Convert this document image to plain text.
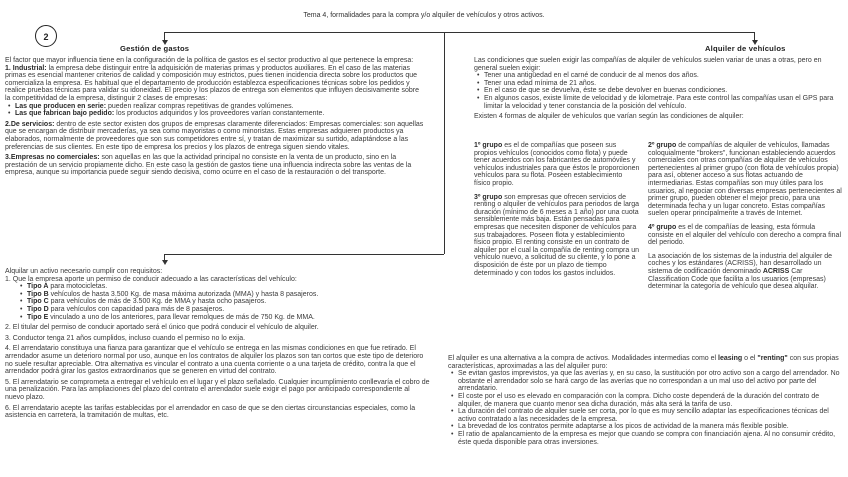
Tema 4, formalidades para la compra y/o alquiler de vehículos y otros activos.
2
Gestión de gastos
El factor que mayor influencia tiene en la configuración de la política de gastos es el sector productivo al que pertenece la empresa:
1. Industrial: la empresa debe distinguir entre la adquisición de materias primas y productos auxiliares. En el caso de las materias primas es esencial mantener criterios de calidad y composición muy estrictos, pues tienen incidencia directa sobre los productos que comercializa la empresa. Es habitual que el departamento de producción establezca especificaciones técnicas sobre los pedidos y realice pruebas técnicas para validar su idoneidad. El precio y los plazos de entrega son elementos que influyen decisivamente sobre la competitividad de la empresa, distinguir 2 clases de empresas:
• Las que producen en serie: pueden realizar compras repetitivas de grandes volúmenes.
• Las que fabrican bajo pedido: los productos adquiridos y los proveedores varían constantemente.
2.De servicios: dentro de este sector existen dos grupos de empresas claramente diferenciados: Empresas comerciales: son aquellas que se encargan de distribuir mercaderías, ya sea como mayoristas o como minoristas. Estas empresas adquieren productos ya elaborados, normalmente de proveedores que son sus competidores entre sí, y tratan de maximizar su surtido, adaptándose a las preferencias de sus clientes. En este tipo de empresa los precios y los plazos de entrega siguen siendo vitales.
3.Empresas no comerciales: son aquellas en las que la actividad principal no consiste en la venta de un producto, sino en la prestación de un servicio propiamente dicho. En este caso la gestión de gastos tiene una influencia indirecta sobre las ventas de la empresa, aunque su importancia puede seguir siendo decisiva, como ocurre en el caso de la restauración o del transporte.
Alquilar un activo necesario cumplir con requisitos:
1. Que la empresa aporte un permiso de conducir adecuado a las características del vehículo:
• Tipo A para motocicletas.
• Tipo B vehículos de hasta 3.500 Kg. de masa máxima autorizada (MMA) y hasta 8 pasajeros.
• Tipo C para vehículos de más de 3.500 Kg. de MMA y hasta ocho pasajeros.
• Tipo D para vehículos con capacidad para más de 8 pasajeros.
• Tipo E vinculado a uno de los anteriores, para llevar remolques de más de 750 Kg. de MMA.
2. El titular del permiso de conducir aportado será el único que podrá conducir el vehículo de alquiler.
3. Conductor tenga 21 años cumplidos, incluso cuando el permiso no lo exija.
4. El arrendatario constituya una fianza para garantizar que el vehículo se entrega en las mismas condiciones en que fue retirado. El arrendador asume un deterioro normal por uso, aunque en los contratos de alquiler los plazos son tan cortos que este tipo de deterioro no suele resultar apreciable. Otra alternativa es vincular el contrato a una cuenta corriente o a una tarjeta de crédito, contra la que el arrendador podrá girar los gastos extraordinarios que se generen en virtud del contrato.
5. El arrendatario se comprometa a entregar el vehículo en el lugar y el plazo señalado. Cualquier incumplimiento conllevaría el cobro de una penalización. Para las ampliaciones del plazo del contrato el arrendador suele exigir el pago por anticipado correspondiente al nuevo plazo.
6. El arrendatario acepte las tarifas establecidas por el arrendador en caso de que se den ciertas circunstancias especiales, como la asistencia en carretera, la tramitación de multas, etc.
Alquiler de vehículos
Las condiciones que suelen exigir las compañías de alquiler de vehículos suelen variar de unas a otras, pero en general suelen exigir:
• Tener una antigüedad en el carné de conducir de al menos dos años.
• Tener una edad mínima de 21 años.
• En el caso de que se devuelva, éste se debe devolver en buenas condiciones.
• En algunos casos, existe límite de velocidad y de kilometraje. Para este control las compañías usan el GPS para limitar la velocidad y tener constancia de la posición del vehículo.
Existen 4 formas de alquiler de vehículos que varían según las condiciones de alquiler:
1º grupo es el de compañías que poseen sus propios vehículos (conocidos como flota) y puede tener acuerdos con los fabricantes de automóviles y vehículos industriales para que éstos le proporcionen vehículos para su flota. Poseen establecimiento físico propio.
3º grupo son empresas que ofrecen servicios de renting o alquiler de vehículos para periodos de larga duración (mínimo de 6 meses a 1 año) por una cuota sensiblemente más baja. Están pensadas para empresas que necesiten disponer de vehículos para sus trabajadores. Poseen flota y establecimiento físico propio. El renting consiste en un contrato de alquiler por el cual la compañía de renting compra un vehículo nuevo, a solicitud de su cliente, y lo pone a disposición de éste por un plazo de tiempo determinado y con todos los gastos incluidos.
2º grupo de compañías de alquiler de vehículos, llamadas coloquialmente "brokers", funcionan estableciendo acuerdos comerciales con otras compañías de alquiler de vehículos pertenecientes al primer grupo (con flota de vehículos propia) para así, obtener acceso a sus flotas actuando de intermediarias. Estas compañías son muy útiles para los usuarios, al negociar con diversas empresas pertenecientes al primer grupo, pueden obtener el mejor precio, para una determinada fecha y un lugar concreto. Estas compañías suelen operar principalmente a través de Internet.
4º grupo es el de compañías de leasing, esta fórmula consiste en el alquiler del vehículo con derecho a compra final del periodo.
La asociación de los sistemas de la industria del alquiler de coches y los estándares (ACRISS), han desarrollado un sistema de codificación denominado ACRISS Car Classification Code que facilita a los usuarios (empresas) determinar la categoría de vehículo que desea alquilar.
El alquiler es una alternativa a la compra de activos. Modalidades intermedias como el leasing o el "renting" con sus propias características, aproximadas a las del alquiler puro:
• Se evitan gastos imprevistos, ya que las averías y, en su caso, la sustitución por otro activo son a cargo del arrendador. No obstante el arrendador solo se hará cargo de las averías que no correspondan a un mal uso del activo por parte del arrendatario.
• El coste por el uso es elevado en comparación con la compra. Dicho coste dependerá de la duración del contrato de alquiler, de manera que cuanto menor sea dicha duración, más alta será la tarifa de uso.
• La duración del contrato de alquiler suele ser corta, por lo que es muy sencillo adaptar las especificaciones técnicas del activo contratado a las necesidades de la empresa.
• La brevedad de los contratos permite adaptarse a los picos de actividad de la manera más flexible posible.
• El ratio de apalancamiento de la empresa es mejor que cuando se compra con financiación ajena. Al no consumir crédito, éste queda disponible para otras inversiones.
